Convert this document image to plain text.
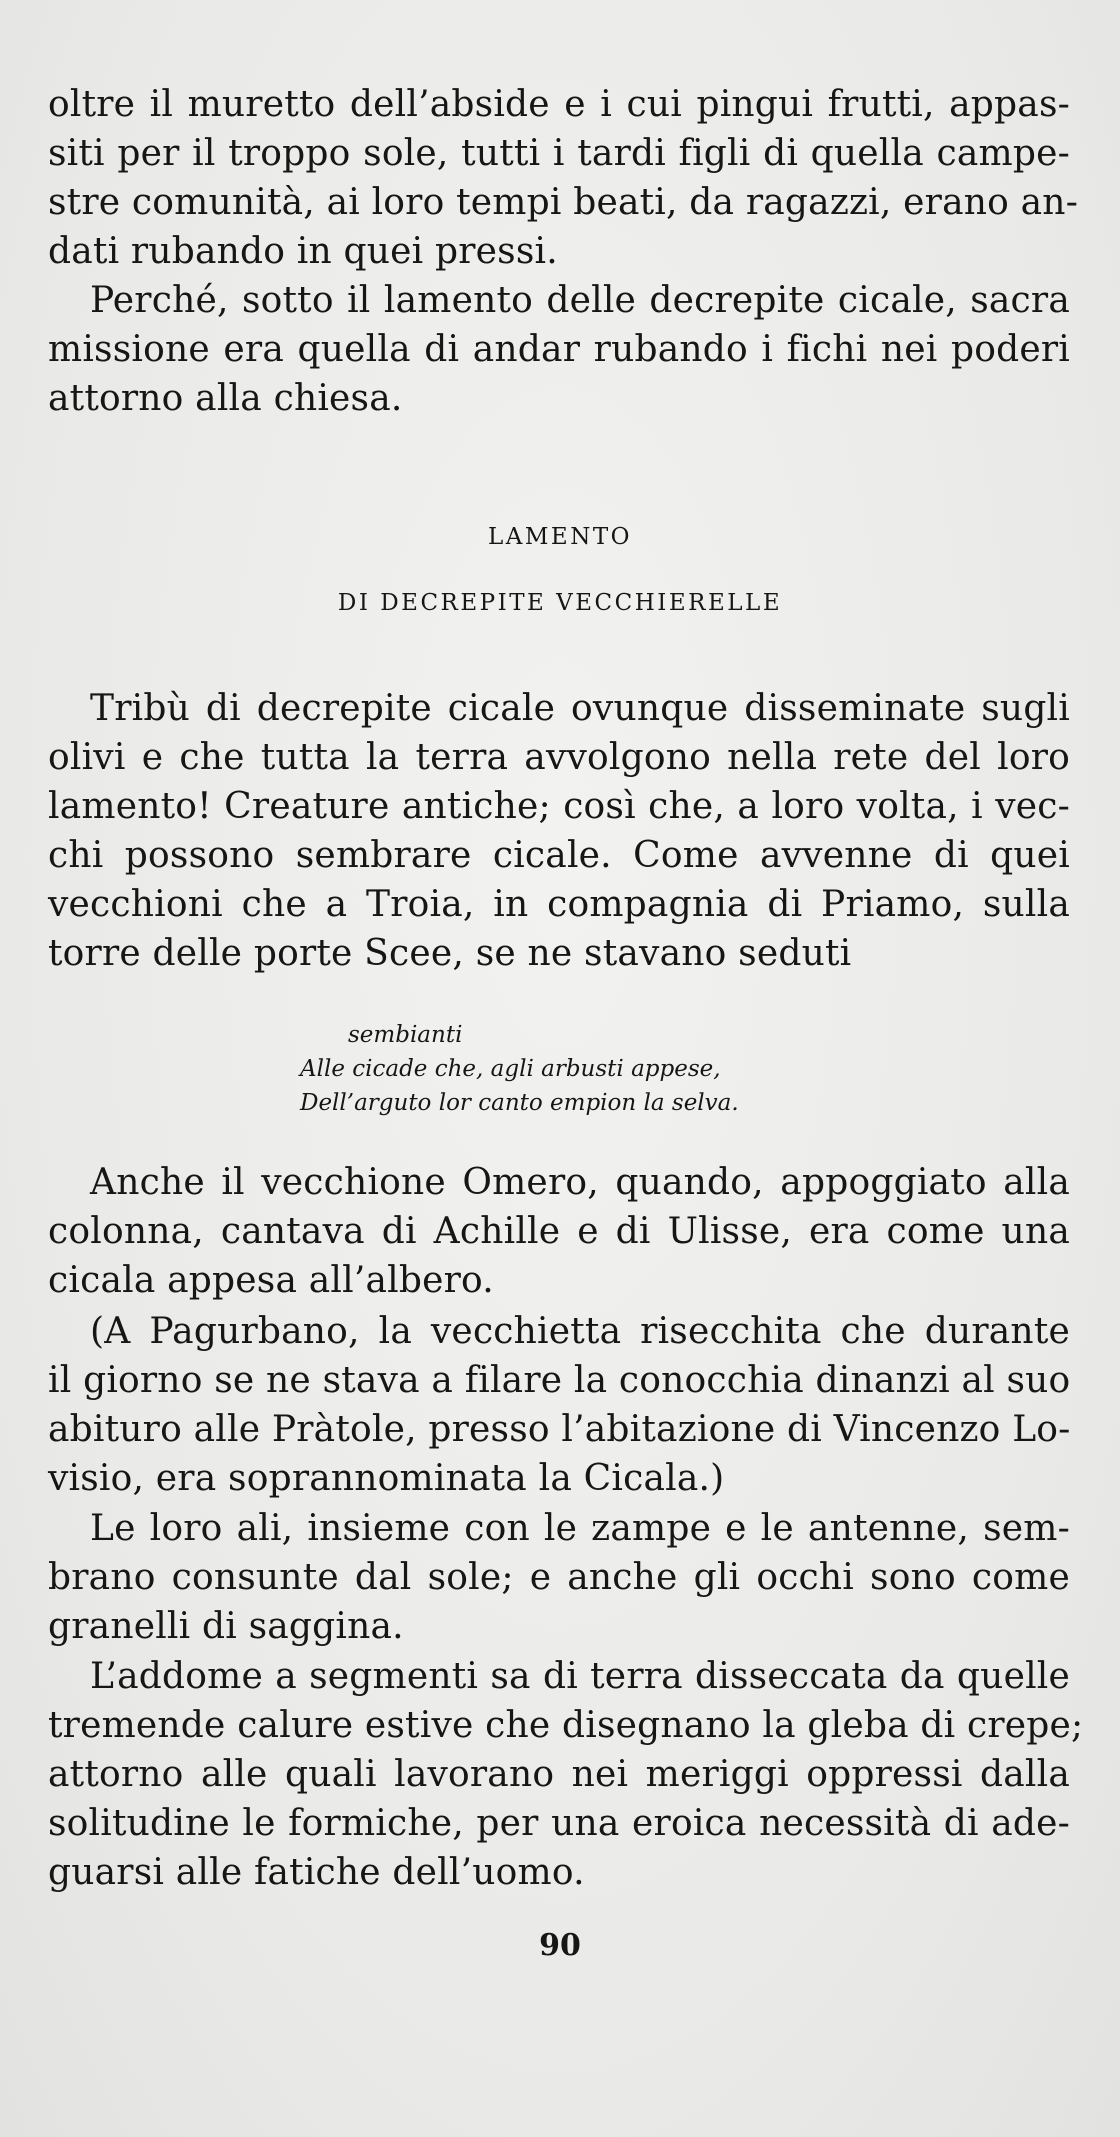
oltre il muretto dell’abside e i cui pingui frutti, appas-
siti per il troppo sole, tutti i tardi figli di quella campe-
stre comunità, ai loro tempi beati, da ragazzi, erano an-
dati rubando in quei pressi.

Perché, sotto il lamento delle decrepite cicale, sacra
missione era quella di andar rubando i fichi nei poderi
attorno alla chiesa.

LAMENTO
DI DECREPITE VECCHIERELLE

Tribù di decrepite cicale ovunque disseminate sugli
olivi e che tutta la terra avvolgono nella rete del loro
lamento! Creature antiche; così che, a loro volta, i vec-
chi possono sembrare cicale. Come avvenne di quei
vecchioni che a Troia, in compagnia di Priamo, sulla
torre delle porte Scee, se ne stavano seduti

sembianti
Alle cicade che, agli arbusti appese,
Dell’arguto lor canto empion la selva.

Anche il vecchione Omero, quando, appoggiato alla
colonna, cantava di Achille e di Ulisse, era come una
cicala appesa all’albero.

(A Pagurbano, la vecchietta risecchita che durante
il giorno se ne stava a filare la conocchia dinanzi al suo
abituro alle Pràtole, presso l’abitazione di Vincenzo Lo-
visio, era soprannominata la Cicala.)

Le loro ali, insieme con le zampe e le antenne, sem-
brano consunte dal sole; e anche gli occhi sono come
granelli di saggina.

L’addome a segmenti sa di terra disseccata da quelle
tremende calure estive che disegnano la gleba di crepe;
attorno alle quali lavorano nei meriggi oppressi dalla
solitudine le formiche, per una eroica necessità di ade-
guarsi alle fatiche dell’uomo.

90
